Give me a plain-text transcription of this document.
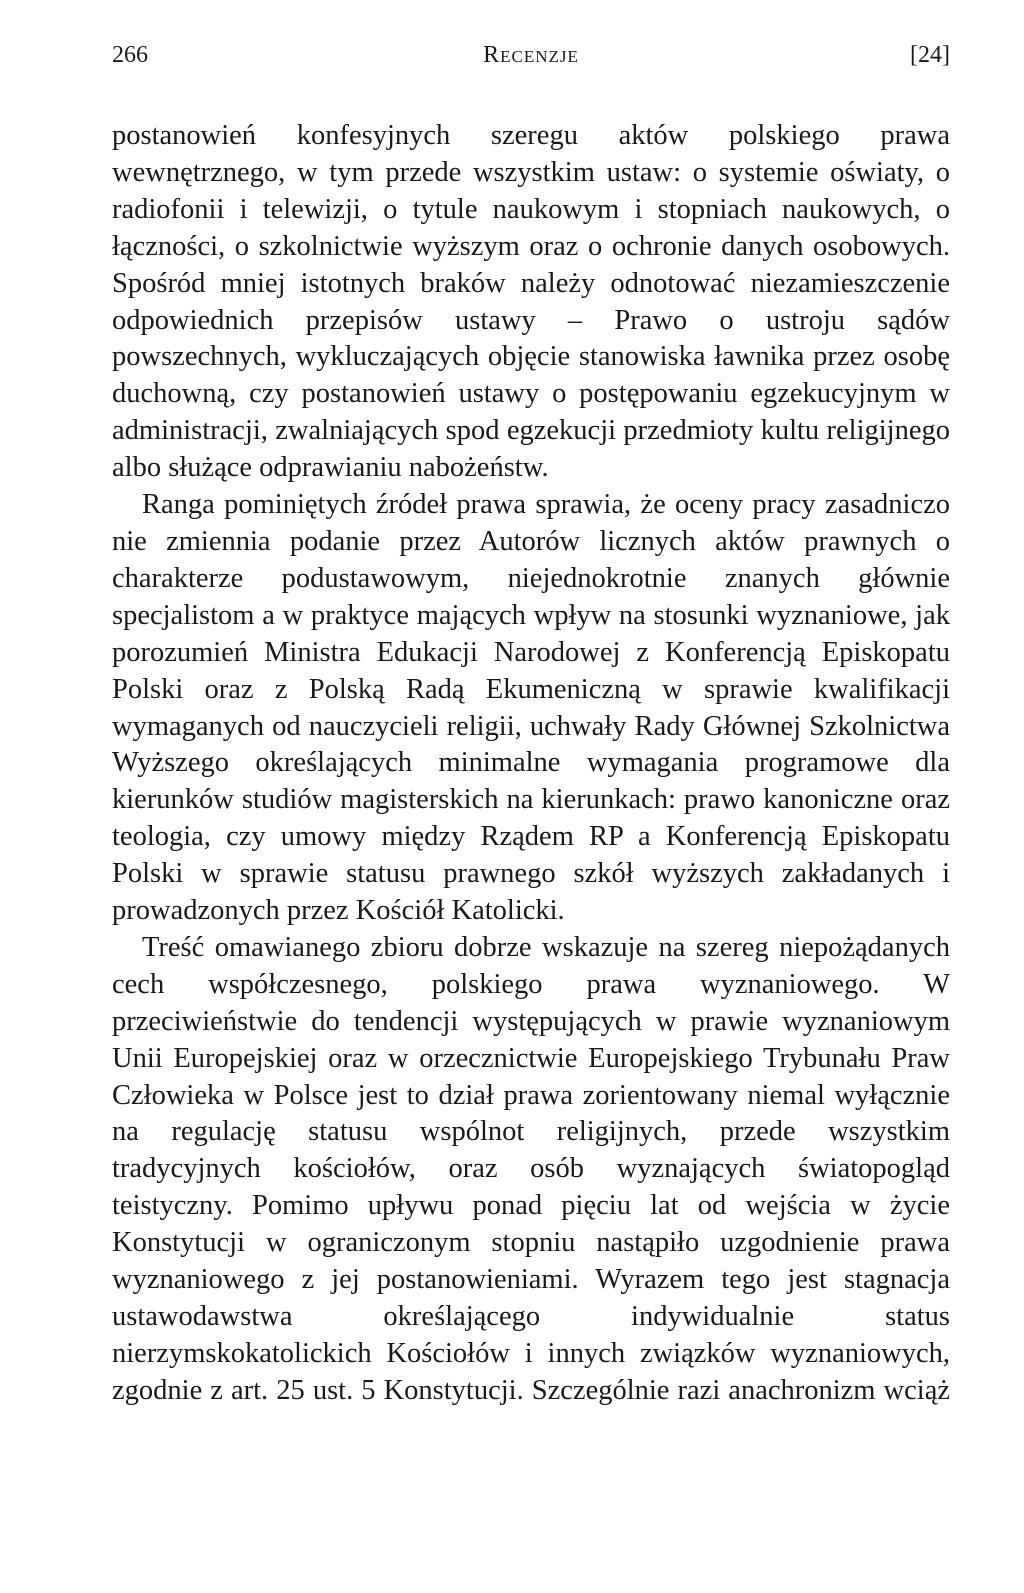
266	Recenzje	[24]

postanowień konfesyjnych szeregu aktów polskiego prawa wewnętrznego, w tym przede wszystkim ustaw: o systemie oświaty, o radiofonii i telewizji, o tytule naukowym i stopniach naukowych, o łączności, o szkolnictwie wyższym oraz o ochronie danych osobowych. Spośród mniej istotnych braków należy odnotować niezamieszczenie odpowiednich przepisów ustawy – Prawo o ustroju sądów powszechnych, wykluczających objęcie stanowiska ławnika przez osobę duchowną, czy postanowień ustawy o postępowaniu egzekucyjnym w administracji, zwalniających spod egzekucji przedmioty kultu religijnego albo służące odprawianiu nabożeństw.

Ranga pominiętych źródeł prawa sprawia, że oceny pracy zasadniczo nie zmiennia podanie przez Autorów licznych aktów prawnych o charakterze podustawowym, niejednokrotnie znanych głównie specjalistom a w praktyce mających wpływ na stosunki wyznaniowe, jak porozumień Ministra Edukacji Narodowej z Konferencją Episkopatu Polski oraz z Polską Radą Ekumeniczną w sprawie kwalifikacji wymaganych od nauczycieli religii, uchwały Rady Głównej Szkolnictwa Wyższego określających minimalne wymagania programowe dla kierunków studiów magisterskich na kierunkach: prawo kanoniczne oraz teologia, czy umowy między Rządem RP a Konferencją Episkopatu Polski w sprawie statusu prawnego szkół wyższych zakładanych i prowadzonych przez Kościół Katolicki.

Treść omawianego zbioru dobrze wskazuje na szereg niepożądanych cech współczesnego, polskiego prawa wyznaniowego. W przeciwieństwie do tendencji występujących w prawie wyznaniowym Unii Europejskiej oraz w orzecznictwie Europejskiego Trybunału Praw Człowieka w Polsce jest to dział prawa zorientowany niemal wyłącznie na regulację statusu wspólnot religijnych, przede wszystkim tradycyjnych kościołów, oraz osób wyznających światopogląd teistyczny. Pomimo upływu ponad pięciu lat od wejścia w życie Konstytucji w ograniczonym stopniu nastąpiło uzgodnienie prawa wyznaniowego z jej postanowieniami. Wyrazem tego jest stagnacja ustawodawstwa określającego indywidualnie status nierzymskokatolickich Kościołów i innych związków wyznaniowych, zgodnie z art. 25 ust. 5 Konstytucji. Szczególnie razi anachronizm wciąż
